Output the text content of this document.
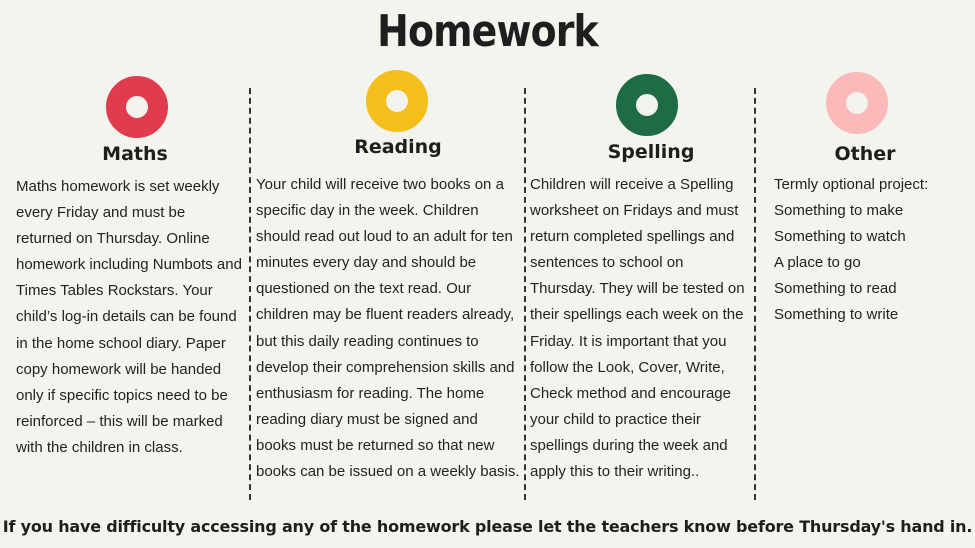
Homework
Maths
Maths homework is set weekly every Friday and must be returned on Thursday. Online homework including Numbots and Times Tables Rockstars. Your child’s log-in details can be found in the home school diary. Paper copy homework will be handed only if specific topics need to be reinforced – this will be marked with the children in class.
Reading
Your child will receive two books on a specific day in the week. Children should read out loud to an adult for ten minutes every day and should be questioned on the text read. Our children may be fluent readers already, but this daily reading continues to develop their comprehension skills and enthusiasm for reading. The home reading diary must be signed and books must be returned so that new books can be issued on a weekly basis.
Spelling
Children will receive a Spelling worksheet on Fridays and must return completed spellings and sentences to school on Thursday. They will be tested on their spellings each week on the Friday. It is important that you follow the Look, Cover, Write, Check method and encourage your child to practice their spellings during the week and apply this to their writing..
Other
Termly optional project:
Something to make
Something to watch
A place to go
Something to read
Something to write
If you have difficulty accessing any of the homework please let the teachers know before Thursday's hand in.
